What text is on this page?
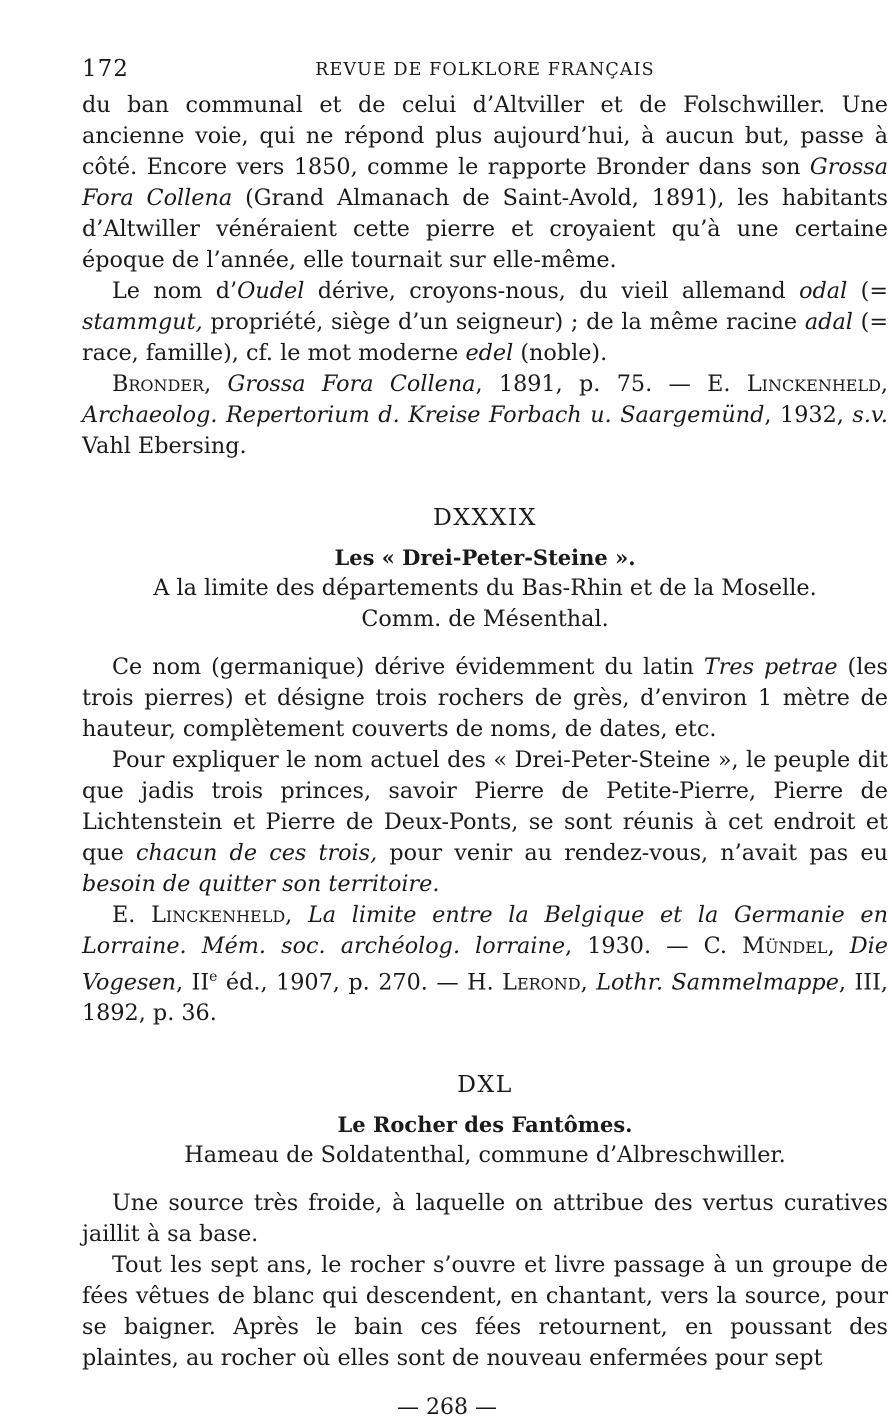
172	REVUE DE FOLKLORE FRANÇAIS

du ban communal et de celui d’Altviller et de Folschwiller. Une ancienne voie, qui ne répond plus aujourd’hui, à aucun but, passe à côté. Encore vers 1850, comme le rapporte Bronder dans son Grossa Fora Collena (Grand Almanach de Saint-Avold, 1891), les habitants d’Altwiller vénéraient cette pierre et croyaient qu’à une certaine époque de l’année, elle tournait sur elle-même.

Le nom d’Oudel dérive, croyons-nous, du vieil allemand odal (= stammgut, propriété, siège d’un seigneur) ; de la même racine adal (= race, famille), cf. le mot moderne edel (noble).

Bronder, Grossa Fora Collena, 1891, p. 75. — E. Linckenheld, Archaeolog. Repertorium d. Kreise Forbach u. Saargemünd, 1932, s.v. Vahl Ebersing.

DXXXIX
Les « Drei-Peter-Steine ».
A la limite des départements du Bas-Rhin et de la Moselle.
Comm. de Mésenthal.

Ce nom (germanique) dérive évidemment du latin Tres petrae (les trois pierres) et désigne trois rochers de grès, d’environ 1 mètre de hauteur, complètement couverts de noms, de dates, etc.

Pour expliquer le nom actuel des « Drei-Peter-Steine », le peuple dit que jadis trois princes, savoir Pierre de Petite-Pierre, Pierre de Lichtenstein et Pierre de Deux-Ponts, se sont réunis à cet endroit et que chacun de ces trois, pour venir au rendez-vous, n’avait pas eu besoin de quitter son territoire.

E. Linckenheld, La limite entre la Belgique et la Germanie en Lorraine. Mém. soc. archéolog. lorraine, 1930. — C. Mündel, Die Vogesen, IIe éd., 1907, p. 270. — H. Lerond, Lothr. Sammelmappe, III, 1892, p. 36.

DXL
Le Rocher des Fantômes.
Hameau de Soldatenthal, commune d’Albreschwiller.

Une source très froide, à laquelle on attribue des vertus curatives jaillit à sa base.

Tout les sept ans, le rocher s’ouvre et livre passage à un groupe de fées vêtues de blanc qui descendent, en chantant, vers la source, pour se baigner. Après le bain ces fées retournent, en poussant des plaintes, au rocher où elles sont de nouveau enfermées pour sept

— 268 —
